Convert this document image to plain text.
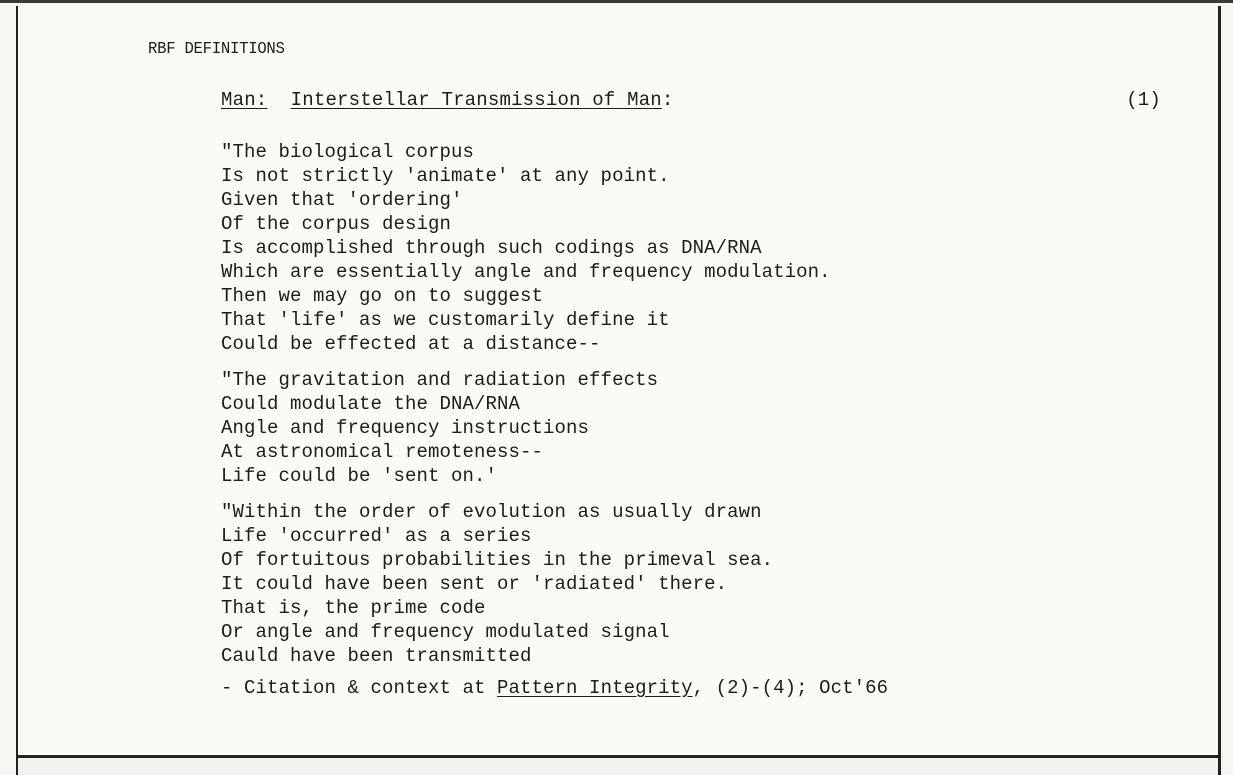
RBF DEFINITIONS
Man: Interstellar Transmission of Man:	(1)
"The biological corpus
Is not strictly 'animate' at any point.
Given that 'ordering'
Of the corpus design
Is accomplished through such codings as DNA/RNA
Which are essentially angle and frequency modulation.
Then we may go on to suggest
That 'life' as we customarily define it
Could be effected at a distance--
"The gravitation and radiation effects
Could modulate the DNA/RNA
Angle and frequency instructions
At astronomical remoteness--
Life could be 'sent on.'
"Within the order of evolution as usually drawn
Life 'occurred' as a series
Of fortuitous probabilities in the primeval sea.
It could have been sent or 'radiated' there.
That is, the prime code
Or angle and frequency modulated signal
Cauld have been transmitted
- Citation & context at Pattern Integrity, (2)-(4); Oct'66
